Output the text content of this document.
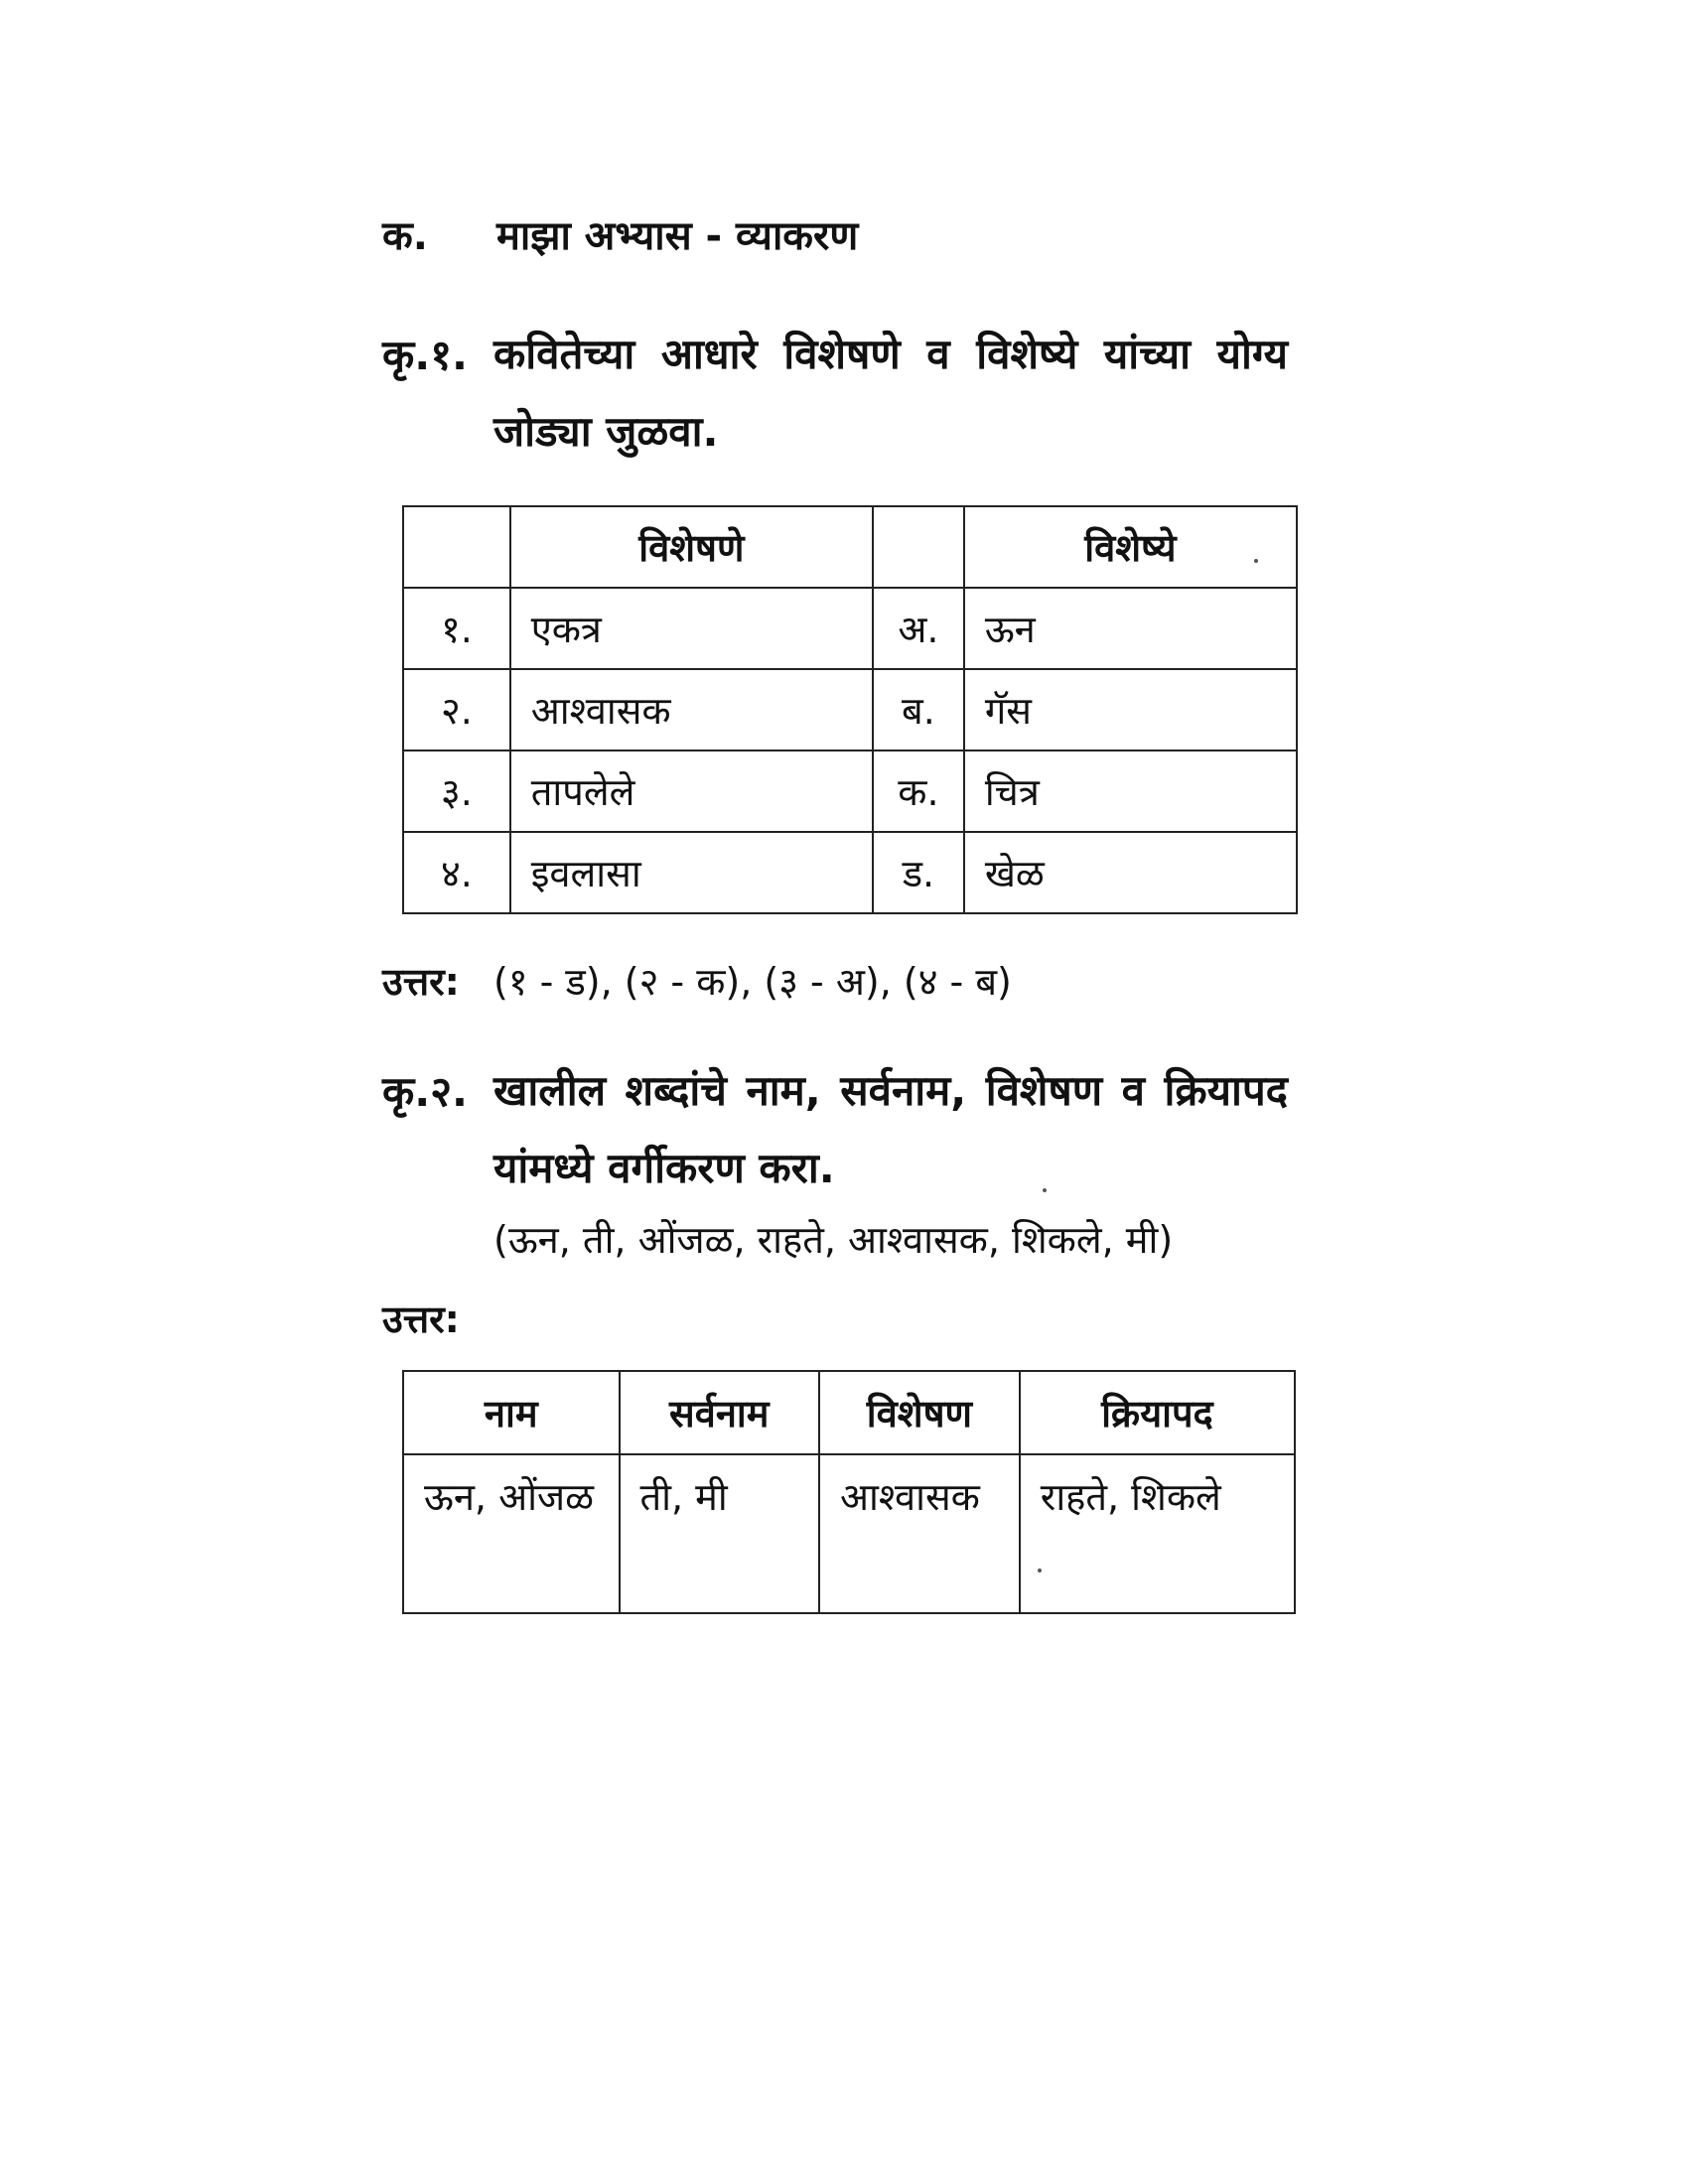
क. माझा अभ्यास - व्याकरण
कृ.१. कवितेच्या आधारे विशेषणे व विशेष्ये यांच्या योग्य जोड्या जुळवा.
	विशेषणे		विशेष्ये
१.	एकत्र	अ.	ऊन
२.	आश्वासक	ब.	गॅस
३.	तापलेले	क.	चित्र
४.	इवलासा	ड.	खेळ
उत्तर: (१ - ड), (२ - क), (३ - अ), (४ - ब)
कृ.२. खालील शब्दांचे नाम, सर्वनाम, विशेषण व क्रियापद यांमध्ये वर्गीकरण करा.
(ऊन, ती, ओंजळ, राहते, आश्वासक, शिकले, मी)
उत्तर:
नाम	सर्वनाम	विशेषण	क्रियापद
ऊन, ओंजळ	ती, मी	आश्वासक	राहते, शिकले
